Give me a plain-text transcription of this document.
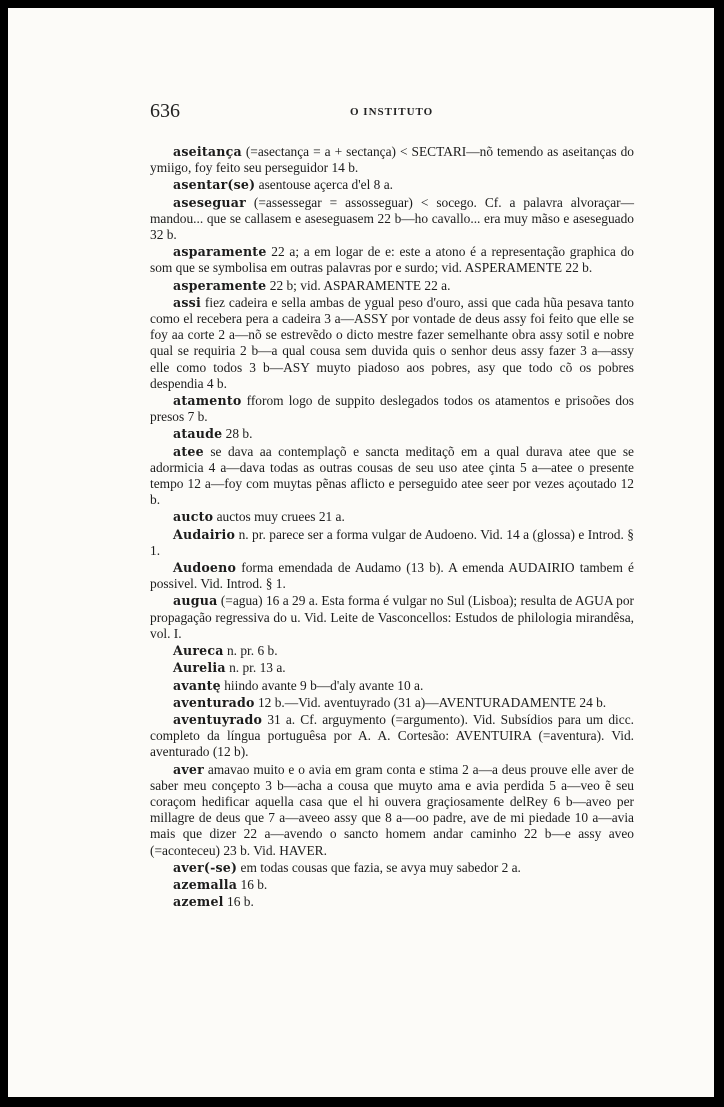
636	O INSTITUTO

aseitança (=asectança = a + sectança) < SECTARI—nõ temendo as aseitanças do ymiigo, foy feito seu perseguidor 14 b.

asentar(se) asentouse açerca d'el 8 a.

aseseguar (=assessegar = assosseguar) < socego. Cf. a palavra alvoraçar—mandou... que se callasem e aseseguasem 22 b—ho cavallo... era muy mãso e aseseguado 32 b.

asparamente 22 a; a em logar de e: este a atono é a representação graphica do som que se symbolisa em outras palavras por e surdo; vid. ASPERAMENTE 22 b.

asperamente 22 b; vid. ASPARAMENTE 22 a.

assi fiez cadeira e sella ambas de ygual peso d'ouro, assi que cada hũa pesava tanto como el recebera pera a cadeira 3 a—ASSY por vontade de deus assy foi feito que elle se foy aa corte 2 a—nõ se estrevẽdo o dicto mestre fazer semelhante obra assy sotil e nobre qual se requiria 2 b—a qual cousa sem duvida quis o senhor deus assy fazer 3 a—assy elle como todos 3 b—ASY muyto piadoso aos pobres, asy que todo cõ os pobres despendia 4 b.

atamento fforom logo de suppito deslegados todos os atamentos e prisoões dos presos 7 b.

ataude 28 b.

atee se dava aa contemplaçõ e sancta meditaçõ em a qual durava atee que se adormicia 4 a—dava todas as outras cousas de seu uso atee çinta 5 a—atee o presente tempo 12 a—foy com muytas pẽnas aflicto e perseguido atee seer por vezes açoutado 12 b.

aucto auctos muy cruees 21 a.

Audairio n. pr. parece ser a forma vulgar de Audoeno. Vid. 14 a (glossa) e Introd. § 1.

Audoeno forma emendada de Audamo (13 b). A emenda AUDAIRIO tambem é possivel. Vid. Introd. § 1.

augua (=agua) 16 a 29 a. Esta forma é vulgar no Sul (Lisboa); resulta de AGUA por propagação regressiva do u. Vid. Leite de Vasconcellos: Estudos de philologia mirandêsa, vol. I.

Aureca n. pr. 6 b.

Aurelia n. pr. 13 a.

avantę hiindo avante 9 b—d'aly avante 10 a.

aventurado 12 b.—Vid. aventuyrado (31 a)—AVENTURADAMENTE 24 b.

aventuyrado 31 a. Cf. arguymento (=argumento). Vid. Subsídios para um dicc. completo da língua portuguêsa por A. A. Cortesão: AVENTUIRA (=aventura). Vid. aventurado (12 b).

aver amavao muito e o avia em gram conta e stima 2 a—a deus prouve elle aver de saber meu conçepto 3 b—acha a cousa que muyto ama e avia perdida 5 a—veo ẽ seu coraçom hedificar aquella casa que el hi ouvera graçiosamente delRey 6 b—aveo per millagre de deus que 7 a—aveeo assy que 8 a—oo padre, ave de mi piedade 10 a—avia mais que dizer 22 a—avendo o sancto homem andar caminho 22 b—e assy aveo (=aconteceu) 23 b. Vid. HAVER.

aver(-se) em todas cousas que fazia, se avya muy sabedor 2 a.

azemalla 16 b.

azemel 16 b.
